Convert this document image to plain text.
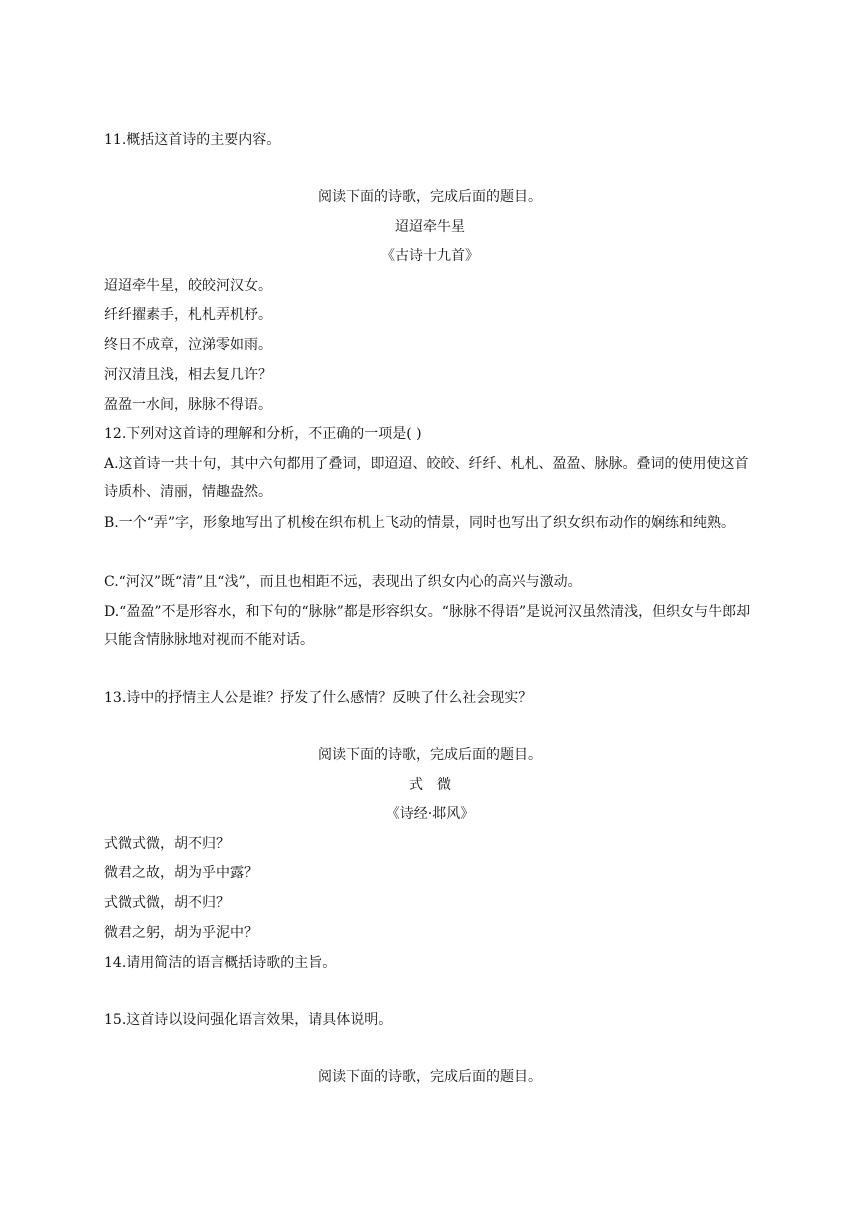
11.概括这首诗的主要内容。
阅读下面的诗歌，完成后面的题目。
迢迢牵牛星
《古诗十九首》
迢迢牵牛星，皎皎河汉女。
纤纤擢素手，札札弄机杼。
终日不成章，泣涕零如雨。
河汉清且浅，相去复几许？
盈盈一水间，脉脉不得语。
12.下列对这首诗的理解和分析，不正确的一项是( )
A.这首诗一共十句，其中六句都用了叠词，即迢迢、皎皎、纤纤、札札、盈盈、脉脉。叠词的使用使这首诗质朴、清丽，情趣盎然。
B.一个“弄”字，形象地写出了机梭在织布机上飞动的情景，同时也写出了织女织布动作的娴练和纯熟。
C.“河汉”既“清”且“浅”，而且也相距不远，表现出了织女内心的高兴与激动。
D.“盈盈”不是形容水，和下句的“脉脉”都是形容织女。“脉脉不得语”是说河汉虽然清浅，但织女与牛郎却只能含情脉脉地对视而不能对话。
13.诗中的抒情主人公是谁？抒发了什么感情？反映了什么社会现实？
阅读下面的诗歌，完成后面的题目。
式　微
《诗经·邶风》
式微式微，胡不归？
微君之故，胡为乎中露？
式微式微，胡不归？
微君之躬，胡为乎泥中？
14.请用简洁的语言概括诗歌的主旨。
15.这首诗以设问强化语言效果，请具体说明。
阅读下面的诗歌，完成后面的题目。
